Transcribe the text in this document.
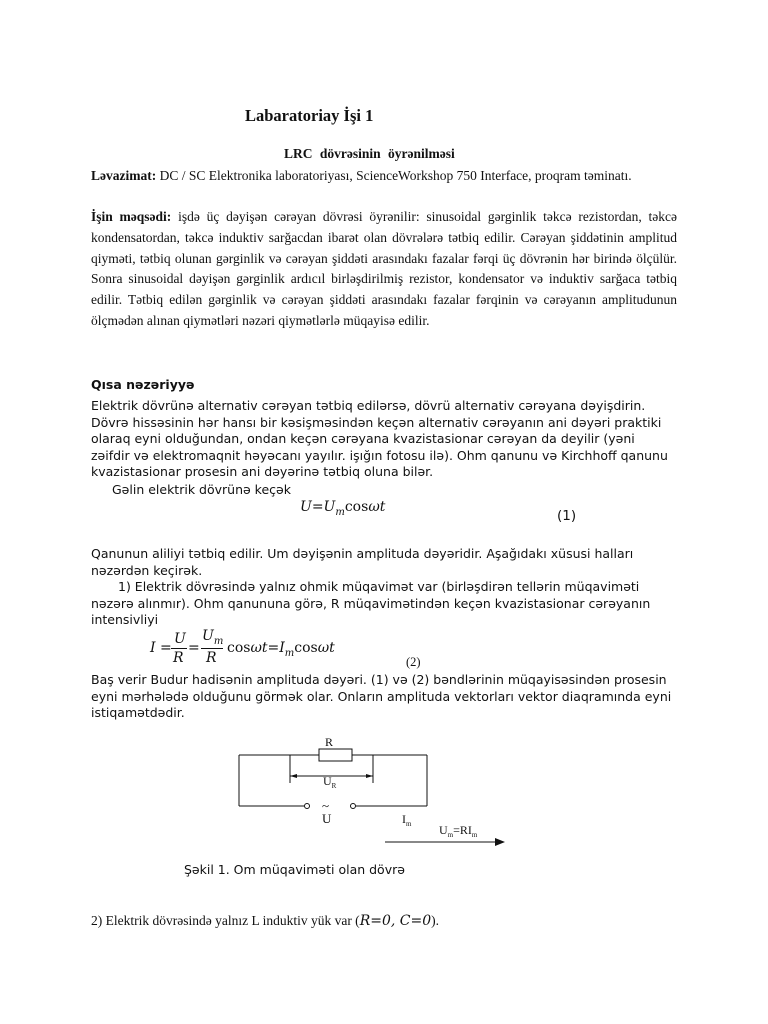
Labaratoriay İşi 1
LRC dövrəsinin öyrənilməsi
Ləvazimat: DC / SC Elektronika laboratoriyası, ScienceWorkshop 750 Interface, proqram təminatı.
İşin məqsədi: işdə üç dəyişən cərəyan dövrəsi öyrənilir: sinusoidal gərginlik təkcə rezistordan, təkcə kondensatordan, təkcə induktiv sarğacdan ibarət olan dövrələrə tətbiq edilir. Cərəyan şiddətinin amplitud qiyməti, tətbiq olunan gərginlik və cərəyan şiddəti arasındakı fazalar fərqi üç dövrənin hər birində ölçülür. Sonra sinusoidal dəyişən gərginlik ardıcıl birləşdirilmiş rezistor, kondensator və induktiv sarğaca tətbiq edilir. Tətbiq edilən gərginlik və cərəyan şiddəti arasındakı fazalar fərqinin və cərəyanın amplitudunun ölçmədən alınan qiymətləri nəzəri qiymətlərlə müqayisə edilir.
Qısa nəzəriyyə
Elektrik dövrünə alternativ cərəyan tətbiq edilərsə, dövrü alternativ cərəyana dəyişdirin. Dövrə hissəsinin hər hansı bir kəsişməsindən keçən alternativ cərəyanın ani dəyəri praktiki olaraq eyni olduğundan, ondan keçən cərəyana kvazistasionar cərəyan da deyilir (yəni zəifdir və elektromaqnit həyəcanı yayılır. işığın fotosu ilə). Ohm qanunu və Kirchhoff qanunu kvazistasionar prosesin ani dəyərinə tətbiq oluna bilər.
Gəlin elektrik dövrünə keçək
$U=U_m\cos\omega t$
(1)
Qanunun aliliyi tətbiq edilir. Um dəyişənin amplituda dəyəridir. Aşağıdakı xüsusi halları nəzərdən keçirək.
1) Elektrik dövrəsində yalnız ohmik müqavimət var (birləşdirən tellərin müqavimәti nəzərə alınmır). Ohm qanununa görə, R müqavimətindən keçən kvazistasionar cərəyanın intensivliyi
I =
U
R
=
$U_m$
R
$\cos\omega t=I_m\cos\omega t$
(2)
Baş verir Budur hadisənin amplituda dəyəri. (1) və (2) bəndlərinin müqayisəsindən prosesin eyni mərhələdə olduğunu görmək olar. Onların amplituda vektorları vektor diaqramında eyni istiqamətdədir.
R
$U_R$
~
U	$I_m$ $U_m=RI_m$
Şəkil 1. Om müqaviməti olan dövrə
2) Elektrik dövrəsində yalnız L induktiv yük var (R=0, C=0).
